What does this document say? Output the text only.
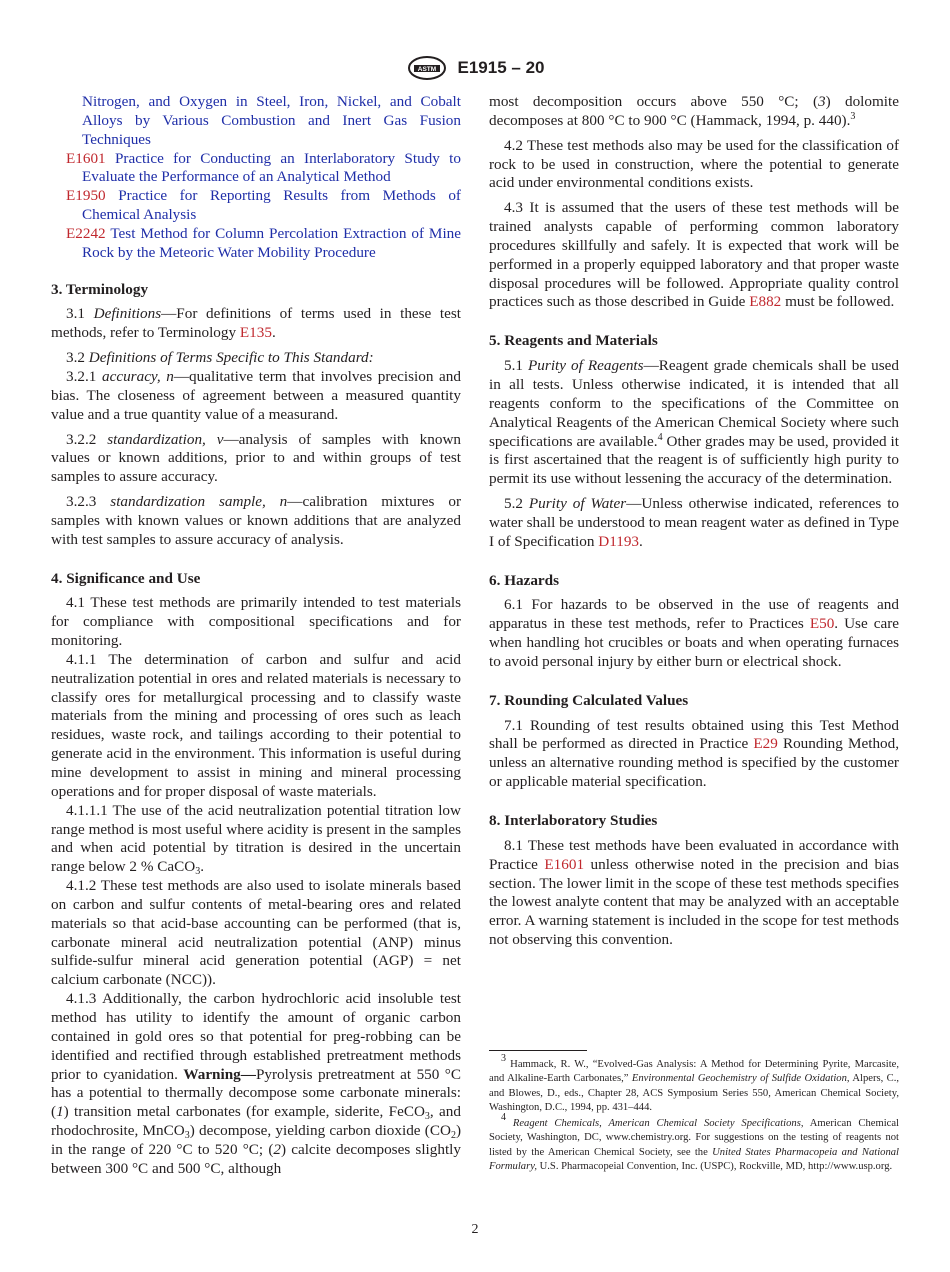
ASTM E1915 – 20

Nitrogen, and Oxygen in Steel, Iron, Nickel, and Cobalt Alloys by Various Combustion and Inert Gas Fusion Techniques

E1601 Practice for Conducting an Interlaboratory Study to Evaluate the Performance of an Analytical Method

E1950 Practice for Reporting Results from Methods of Chemical Analysis

E2242 Test Method for Column Percolation Extraction of Mine Rock by the Meteoric Water Mobility Procedure

3. Terminology

3.1 Definitions—For definitions of terms used in these test methods, refer to Terminology E135.

3.2 Definitions of Terms Specific to This Standard:

3.2.1 accuracy, n—qualitative term that involves precision and bias. The closeness of agreement between a measured quantity value and a true quantity value of a measurand.

3.2.2 standardization, v—analysis of samples with known values or known additions, prior to and within groups of test samples to assure accuracy.

3.2.3 standardization sample, n—calibration mixtures or samples with known values or known additions that are analyzed with test samples to assure accuracy of analysis.

4. Significance and Use

4.1 These test methods are primarily intended to test materials for compliance with compositional specifications and for monitoring.

4.1.1 The determination of carbon and sulfur and acid neutralization potential in ores and related materials is necessary to classify ores for metallurgical processing and to classify waste materials from the mining and processing of ores such as leach residues, waste rock, and tailings according to their potential to generate acid in the environment. This information is useful during mine development to assist in mining and mineral processing operations and for proper disposal of waste materials.

4.1.1.1 The use of the acid neutralization potential titration low range method is most useful where acidity is present in the samples and when acid potential by titration is desired in the uncertain range below 2 % CaCO$_3$.

4.1.2 These test methods are also used to isolate minerals based on carbon and sulfur contents of metal-bearing ores and related materials so that acid-base accounting can be performed (that is, carbonate mineral acid neutralization potential (ANP) minus sulfide-sulfur mineral acid generation potential (AGP) = net calcium carbonate (NCC)).

4.1.3 Additionally, the carbon hydrochloric acid insoluble test method has utility to identify the amount of organic carbon contained in gold ores so that potential for preg-robbing can be identified and rectified through established pretreatment methods prior to cyanidation. Warning—Pyrolysis pretreatment at 550 °C has a potential to thermally decompose some carbonate minerals: (1) transition metal carbonates (for example, siderite, FeCO$_3$, and rhodochrosite, MnCO$_3$) decompose, yielding carbon dioxide $(CO_2)$ in the range of 220 °C to 520 °C; (2) calcite decomposes slightly between 300 °C and 500 °C, although

most decomposition occurs above 550 °C; (3) dolomite decomposes at 800 °C to 900 °C (Hammack, 1994, p. 440).$^3$

4.2 These test methods also may be used for the classification of rock to be used in construction, where the potential to generate acid under environmental conditions exists.

4.3 It is assumed that the users of these test methods will be trained analysts capable of performing common laboratory procedures skillfully and safely. It is expected that work will be performed in a properly equipped laboratory and that proper waste disposal procedures will be followed. Appropriate quality control practices such as those described in Guide E882 must be followed.

5. Reagents and Materials

5.1 Purity of Reagents—Reagent grade chemicals shall be used in all tests. Unless otherwise indicated, it is intended that all reagents conform to the specifications of the Committee on Analytical Reagents of the American Chemical Society where such specifications are available.$^4$ Other grades may be used, provided it is first ascertained that the reagent is of sufficiently high purity to permit its use without lessening the accuracy of the determination.

5.2 Purity of Water—Unless otherwise indicated, references to water shall be understood to mean reagent water as defined in Type I of Specification D1193.

6. Hazards

6.1 For hazards to be observed in the use of reagents and apparatus in these test methods, refer to Practices E50. Use care when handling hot crucibles or boats and when operating furnaces to avoid personal injury by either burn or electrical shock.

7. Rounding Calculated Values

7.1 Rounding of test results obtained using this Test Method shall be performed as directed in Practice E29 Rounding Method, unless an alternative rounding method is specified by the customer or applicable material specification.

8. Interlaboratory Studies

8.1 These test methods have been evaluated in accordance with Practice E1601 unless otherwise noted in the precision and bias section. The lower limit in the scope of these test methods specifies the lowest analyte content that may be analyzed with an acceptable error. A warning statement is included in the scope for test methods not observing this convention.

$^3$ Hammack, R. W., “Evolved-Gas Analysis: A Method for Determining Pyrite, Marcasite, and Alkaline-Earth Carbonates,” Environmental Geochemistry of Sulfide Oxidation, Alpers, C., and Blowes, D., eds., Chapter 28, ACS Symposium Series 550, American Chemical Society, Washington, D.C., 1994, pp. 431–444.

$^4$ Reagent Chemicals, American Chemical Society Specifications, American Chemical Society, Washington, DC, www.chemistry.org. For suggestions on the testing of reagents not listed by the American Chemical Society, see the United States Pharmacopeia and National Formulary, U.S. Pharmacopeial Convention, Inc. (USPC), Rockville, MD, http://www.usp.org.

2
